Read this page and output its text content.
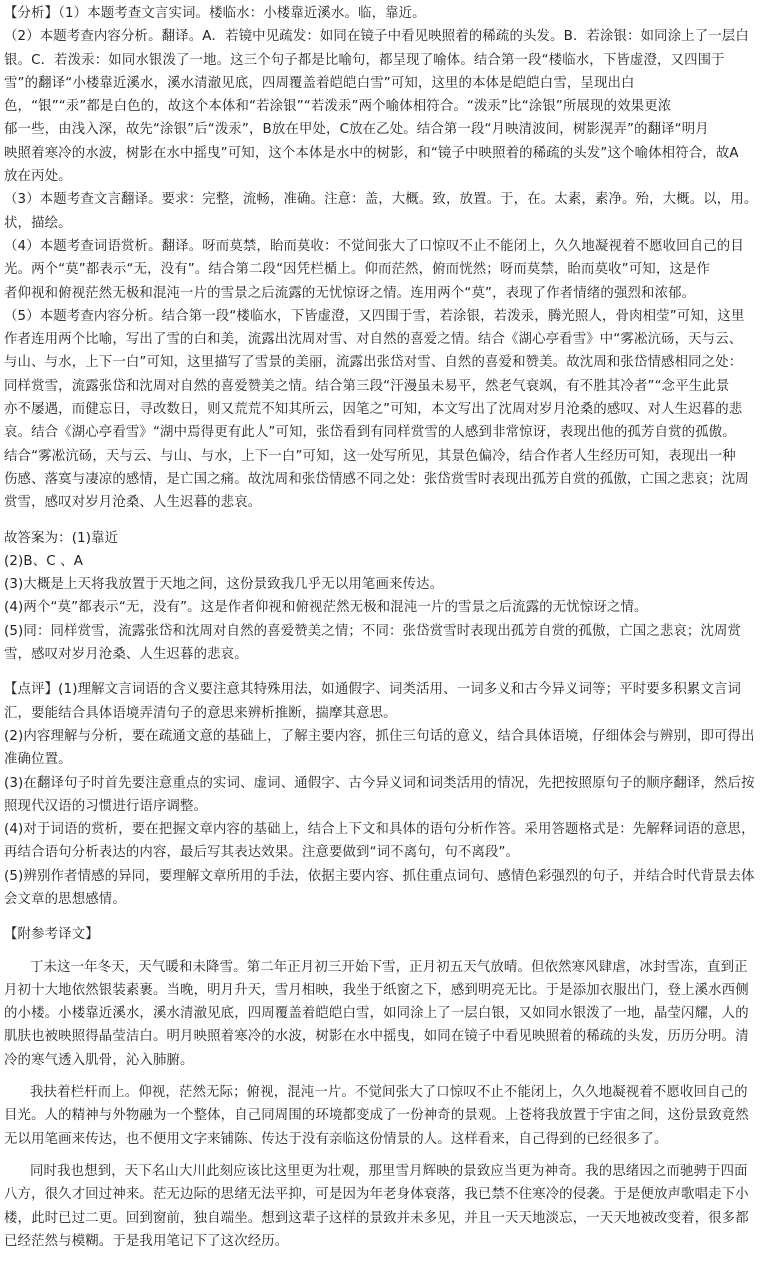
【分析】（1）本题考查文言实词。楼临水：小楼靠近溪水。临，靠近。
（2）本题考查内容分析。翻译。A．若镜中见疏发：如同在镜子中看见映照着的稀疏的头发。B．若涂银：如同涂上了一层白
银。C．若泼汞：如同水银泼了一地。这三个句子都是比喻句，都呈现了喻体。结合第一段“楼临水，下皆虚澄，又四围于
雪”的翻译“小楼靠近溪水，溪水清澈见底，四周覆盖着皑皑白雪”可知，这里的本体是皑皑白雪，呈现出白
色，“银”“汞”都是白色的，故这个本体和“若涂银”“若泼汞”两个喻体相符合。“泼汞”比“涂银”所展现的效果更浓
郁一些，由浅入深，故先“涂银”后“泼汞”，B放在甲处，C放在乙处。结合第一段“月映清波间，树影滉弄”的翻译“明月
映照着寒冷的水波，树影在水中摇曳”可知，这个本体是水中的树影，和“镜子中映照着的稀疏的头发”这个喻体相符合，故A
放在丙处。
（3）本题考查文言翻译。要求：完整，流畅，准确。注意：盖，大概。致，放置。于，在。太素，素净。殆，大概。以，用。
状，描绘。
（4）本题考查词语赏析。翻译。呀而莫禁，眙而莫收：不觉间张大了口惊叹不止不能闭上，久久地凝视着不愿收回自己的目
光。两个“莫”都表示“无，没有”。结合第二段“因凭栏楯上。仰而茫然，俯而恍然；呀而莫禁，眙而莫收”可知，这是作
者仰视和俯视茫然无极和混沌一片的雪景之后流露的无忧惊讶之情。连用两个“莫”，表现了作者情绪的强烈和浓郁。
（5）本题考查内容分析。结合第一段“楼临水，下皆虚澄，又四围于雪，若涂银，若泼汞，腾光照人，骨肉相莹”可知，这里
作者连用两个比喻，写出了雪的白和美，流露出沈周对雪、对自然的喜爱之情。结合《湖心亭看雪》中“雾凇沆砀，天与云、
与山、与水，上下一白”可知，这里描写了雪景的美丽，流露出张岱对雪、自然的喜爱和赞美。故沈周和张岱情感相同之处：
同样赏雪，流露张岱和沈周对自然的喜爱赞美之情。结合第三段“汗漫虽未易平，然老气衰飒，有不胜其冷者”“念平生此景
亦不屡遇，而健忘日，寻改数日，则又荒荒不知其所云，因笔之”可知，本文写出了沈周对岁月沧桑的感叹、对人生迟暮的悲
哀。结合《湖心亭看雪》“湖中焉得更有此人”可知，张岱看到有同样赏雪的人感到非常惊讶，表现出他的孤芳自赏的孤傲。
结合“雾凇沆砀，天与云、与山、与水，上下一白”可知，这一处写所见，其景色偏冷，结合作者人生经历可知，表现出一种
伤感、落寞与凄凉的感情，是亡国之痛。故沈周和张岱情感不同之处：张岱赏雪时表现出孤芳自赏的孤傲，亡国之悲哀；沈周
赏雪，感叹对岁月沧桑、人生迟暮的悲哀。
故答案为：(1)靠近
(2)B、C 、A
(3)大概是上天将我放置于天地之间，这份景致我几乎无以用笔画来传达。
(4)两个“莫”都表示“无，没有”。这是作者仰视和俯视茫然无极和混沌一片的雪景之后流露的无忧惊讶之情。
(5)同：同样赏雪，流露张岱和沈周对自然的喜爱赞美之情；不同：张岱赏雪时表现出孤芳自赏的孤傲，亡国之悲哀；沈周赏
雪，感叹对岁月沧桑、人生迟暮的悲哀。
【点评】(1)理解文言词语的含义要注意其特殊用法，如通假字、词类活用、一词多义和古今异义词等；平时要多积累文言词
汇，要能结合具体语境弄清句子的意思来辨析推断，揣摩其意思。
(2)内容理解与分析，要在疏通文意的基础上，了解主要内容，抓住三句话的意义，结合具体语境，仔细体会与辨别，即可得出
准确位置。
(3)在翻译句子时首先要注意重点的实词、虚词、通假字、古今异义词和词类活用的情况，先把按照原句子的顺序翻译，然后按
照现代汉语的习惯进行语序调整。
(4)对于词语的赏析，要在把握文章内容的基础上，结合上下文和具体的语句分析作答。采用答题格式是：先解释词语的意思，
再结合语句分析表达的内容，最后写其表达效果。注意要做到“词不离句，句不离段”。
(5)辨别作者情感的异同，要理解文章所用的手法，依据主要内容、抓住重点词句、感情色彩强烈的句子，并结合时代背景去体
会文章的思想感情。
【附参考译文】
丁未这一年冬天，天气暖和未降雪。第二年正月初三开始下雪，正月初五天气放晴。但依然寒风肆虐，冰封雪冻，直到正
月初十大地依然银装素裹。当晚，明月升天，雪月相映，我坐于纸窗之下，感到明亮无比。于是添加衣服出门，登上溪水西侧
的小楼。小楼靠近溪水，溪水清澈见底，四周覆盖着皑皑白雪，如同涂上了一层白银，又如同水银泼了一地，晶莹闪耀，人的
肌肤也被映照得晶莹洁白。明月映照着寒冷的水波，树影在水中摇曳，如同在镜子中看见映照着的稀疏的头发，历历分明。清
冷的寒气透入肌骨，沁入肺腑。
我扶着栏杆而上。仰视，茫然无际；俯视，混沌一片。不觉间张大了口惊叹不止不能闭上，久久地凝视着不愿收回自己的
目光。人的精神与外物融为一个整体，自己同周围的环境都变成了一份神奇的景观。上苍将我放置于宇宙之间，这份景致竟然
无以用笔画来传达，也不便用文字来铺陈、传达于没有亲临这份情景的人。这样看来，自己得到的已经很多了。
同时我也想到，天下名山大川此刻应该比这里更为壮观，那里雪月辉映的景致应当更为神奇。我的思绪因之而驰骋于四面
八方，很久才回过神来。茫无边际的思绪无法平抑，可是因为年老身体衰落，我已禁不住寒冷的侵袭。于是便放声歌唱走下小
楼，此时已过二更。回到窗前，独自端坐。想到这辈子这样的景致并未多见，并且一天天地淡忘，一天天地被改变着，很多都
已经茫然与模糊。于是我用笔记下了这次经历。
